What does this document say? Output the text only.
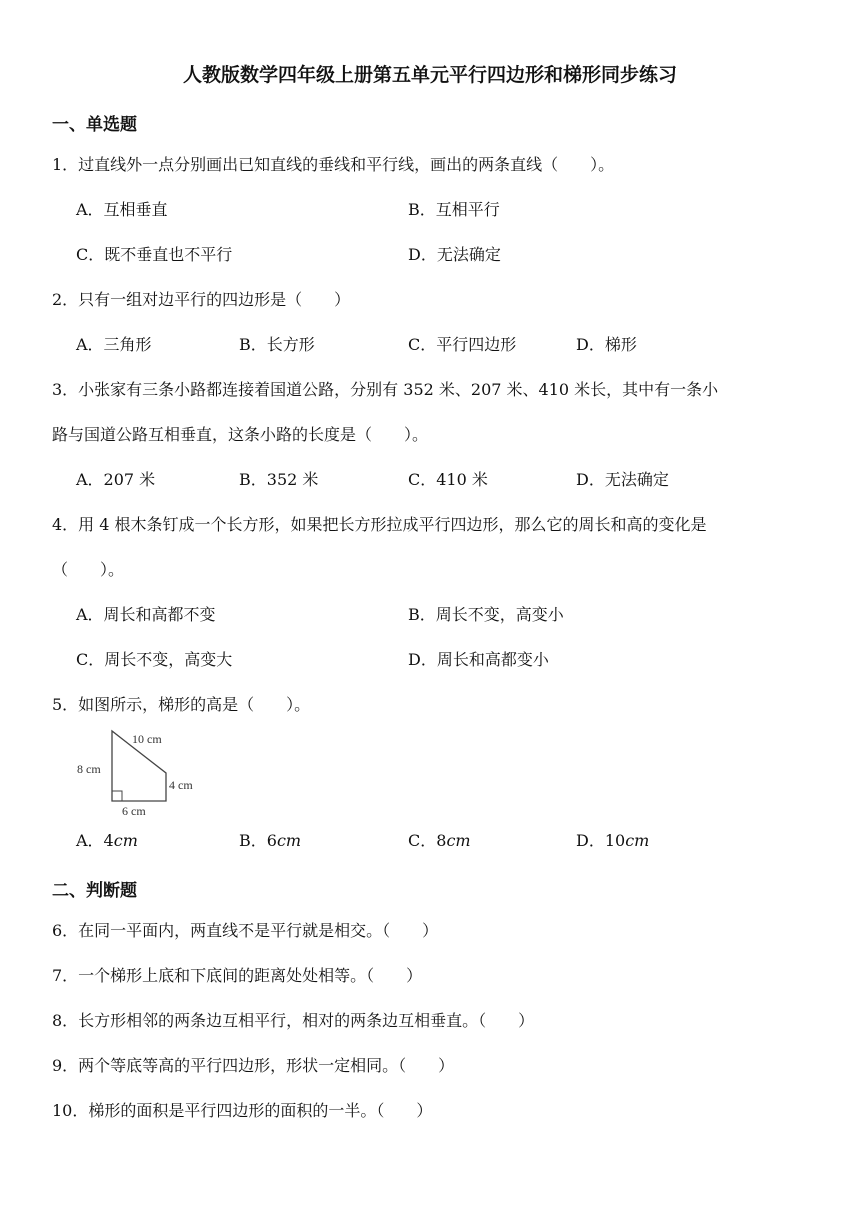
人教版数学四年级上册第五单元平行四边形和梯形同步练习
一、单选题
1．过直线外一点分别画出已知直线的垂线和平行线，画出的两条直线（　　）。
A．互相垂直	B．互相平行
C．既不垂直也不平行	D．无法确定
2．只有一组对边平行的四边形是（　　）
A．三角形	B．长方形	C．平行四边形	D．梯形
3．小张家有三条小路都连接着国道公路，分别有 352 米、207 米、410 米长，其中有一条小
路与国道公路互相垂直，这条小路的长度是（　　）。
A．207 米	B．352 米	C．410 米	D．无法确定
4．用 4 根木条钉成一个长方形，如果把长方形拉成平行四边形，那么它的周长和高的变化是
（　　）。
A．周长和高都不变	B．周长不变，高变小
C．周长不变，高变大	D．周长和高都变小
5．如图所示，梯形的高是（　　）。
10 cm
8 cm
4 cm
6 cm
A．4cm	B．6cm	C．8cm	D．10cm
二、判断题
6．在同一平面内，两直线不是平行就是相交。（　　）
7．一个梯形上底和下底间的距离处处相等。（　　）
8．长方形相邻的两条边互相平行，相对的两条边互相垂直。（　　）
9．两个等底等高的平行四边形，形状一定相同。（　　）
10．梯形的面积是平行四边形的面积的一半。（　　）
